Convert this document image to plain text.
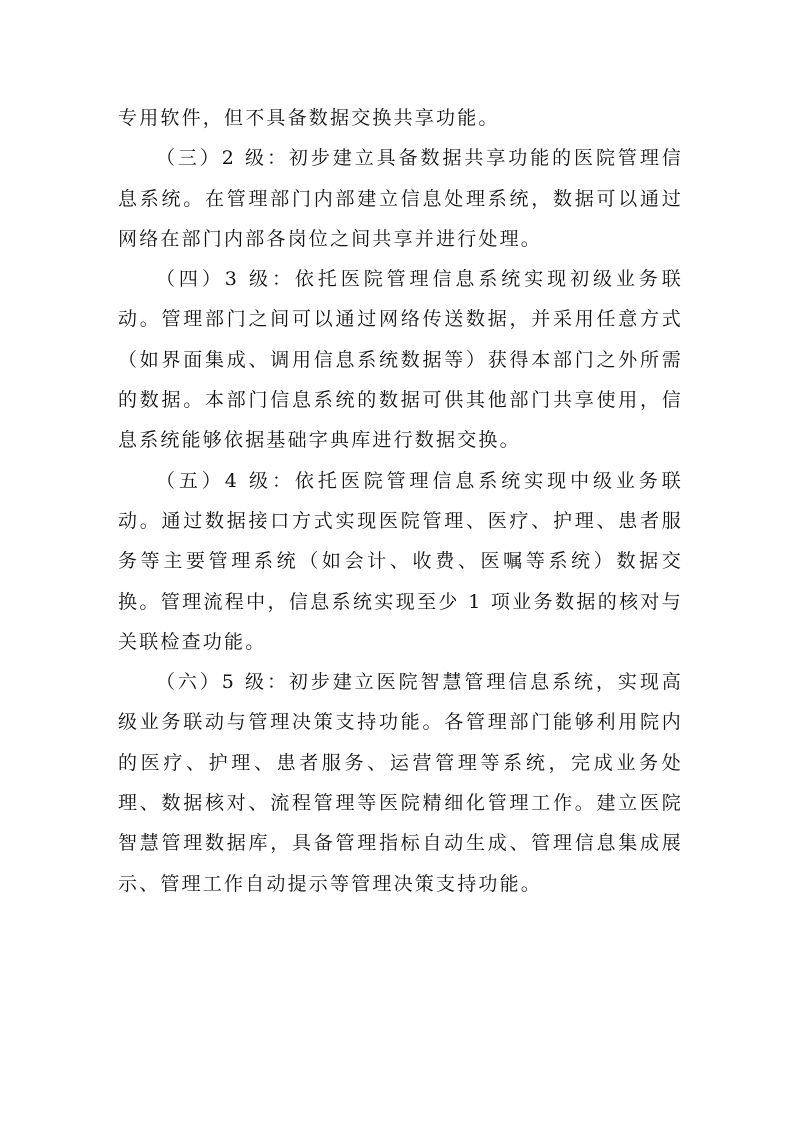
专用软件，但不具备数据交换共享功能。

（三）2 级：初步建立具备数据共享功能的医院管理信息系统。在管理部门内部建立信息处理系统，数据可以通过网络在部门内部各岗位之间共享并进行处理。

（四）3 级：依托医院管理信息系统实现初级业务联动。管理部门之间可以通过网络传送数据，并采用任意方式（如界面集成、调用信息系统数据等）获得本部门之外所需的数据。本部门信息系统的数据可供其他部门共享使用，信息系统能够依据基础字典库进行数据交换。

（五）4 级：依托医院管理信息系统实现中级业务联动。通过数据接口方式实现医院管理、医疗、护理、患者服务等主要管理系统（如会计、收费、医嘱等系统）数据交换。管理流程中，信息系统实现至少 1 项业务数据的核对与关联检查功能。

（六）5 级：初步建立医院智慧管理信息系统，实现高级业务联动与管理决策支持功能。各管理部门能够利用院内的医疗、护理、患者服务、运营管理等系统，完成业务处理、数据核对、流程管理等医院精细化管理工作。建立医院智慧管理数据库，具备管理指标自动生成、管理信息集成展示、管理工作自动提示等管理决策支持功能。
